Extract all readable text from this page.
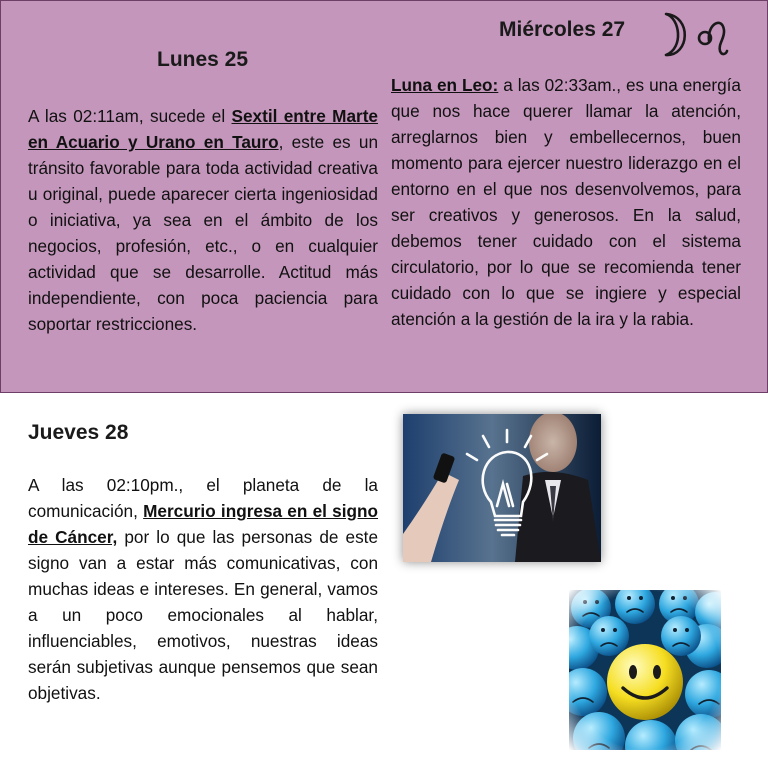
Lunes 25
A las 02:11am, sucede el Sextil entre Marte en Acuario y Urano en Tauro, este es un tránsito favorable para toda actividad creativa u original, puede aparecer cierta ingeniosidad o iniciativa, ya sea en el ámbito de los negocios, profesión, etc., o en cualquier actividad que se desarrolle. Actitud más independiente, con poca paciencia para soportar restricciones.
Miércoles 27
Luna en Leo: a las 02:33am., es una energía que nos hace querer llamar la atención, arreglarnos bien y embellecernos, buen momento para ejercer nuestro liderazgo en el entorno en el que nos desenvolvemos, para ser creativos y generosos. En la salud, debemos tener cuidado con el sistema circulatorio, por lo que se recomienda tener cuidado con lo que se ingiere y especial atención a la gestión de la ira y la rabia.
Jueves 28
A las 02:10pm., el planeta de la comunicación, Mercurio ingresa en el signo de Cáncer, por lo que las personas de este signo van a estar más comunicativas, con muchas ideas e intereses. En general, vamos a un poco emocionales al hablar, influenciables, emotivos, nuestras ideas serán subjetivas aunque pensemos que sean objetivas.
